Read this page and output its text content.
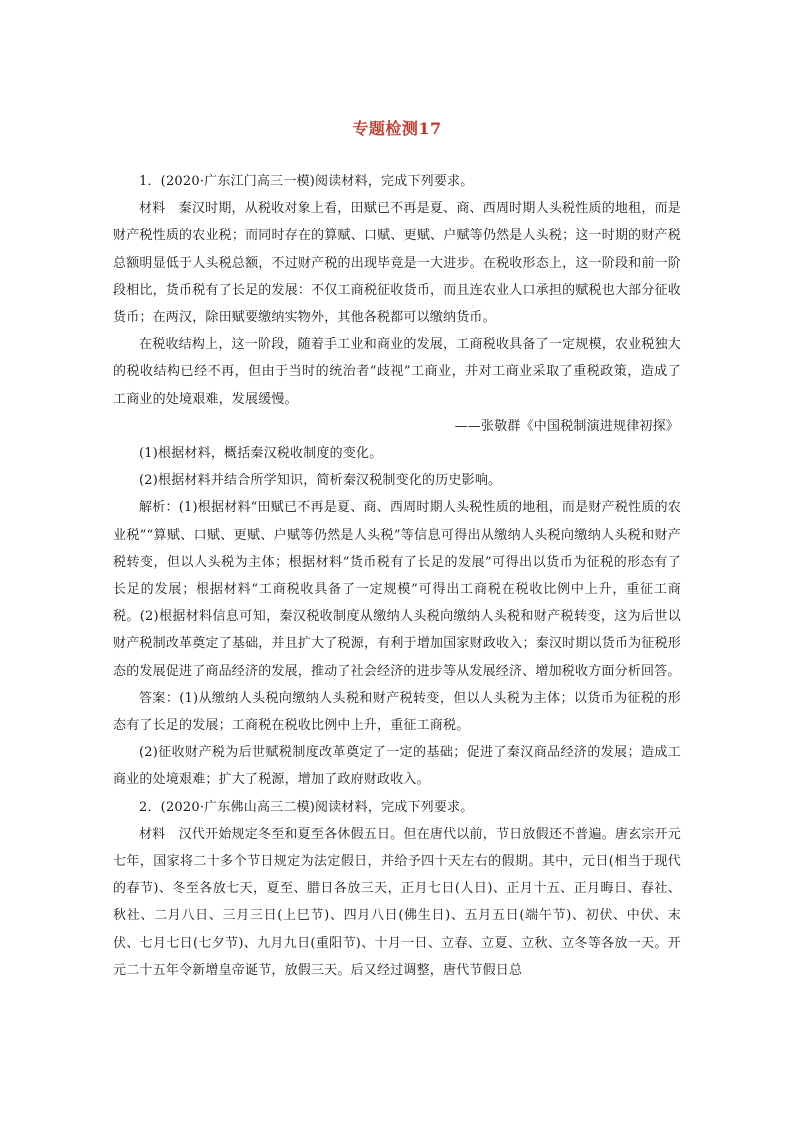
专题检测17

1．(2020·广东江门高三一模)阅读材料，完成下列要求。

材料　秦汉时期，从税收对象上看，田赋已不再是夏、商、西周时期人头税性质的地租，而是财产税性质的农业税；而同时存在的算赋、口赋、更赋、户赋等仍然是人头税；这一时期的财产税总额明显低于人头税总额，不过财产税的出现毕竟是一大进步。在税收形态上，这一阶段和前一阶段相比，货币税有了长足的发展：不仅工商税征收货币，而且连农业人口承担的赋税也大部分征收货币；在两汉，除田赋要缴纳实物外，其他各税都可以缴纳货币。

在税收结构上，这一阶段，随着手工业和商业的发展，工商税收具备了一定规模，农业税独大的税收结构已经不再，但由于当时的统治者“歧视”工商业，并对工商业采取了重税政策，造成了工商业的处境艰难，发展缓慢。

——张敬群《中国税制演进规律初探》

(1)根据材料，概括秦汉税收制度的变化。

(2)根据材料并结合所学知识，简析秦汉税制变化的历史影响。

解析：(1)根据材料“田赋已不再是夏、商、西周时期人头税性质的地租，而是财产税性质的农业税”“算赋、口赋、更赋、户赋等仍然是人头税”等信息可得出从缴纳人头税向缴纳人头税和财产税转变，但以人头税为主体；根据材料“货币税有了长足的发展”可得出以货币为征税的形态有了长足的发展；根据材料“工商税收具备了一定规模”可得出工商税在税收比例中上升，重征工商税。(2)根据材料信息可知，秦汉税收制度从缴纳人头税向缴纳人头税和财产税转变，这为后世以财产税制改革奠定了基础，并且扩大了税源，有利于增加国家财政收入；秦汉时期以货币为征税形态的发展促进了商品经济的发展，推动了社会经济的进步等从发展经济、增加税收方面分析回答。

答案：(1)从缴纳人头税向缴纳人头税和财产税转变，但以人头税为主体；以货币为征税的形态有了长足的发展；工商税在税收比例中上升，重征工商税。

(2)征收财产税为后世赋税制度改革奠定了一定的基础；促进了秦汉商品经济的发展；造成工商业的处境艰难；扩大了税源，增加了政府财政收入。

2．(2020·广东佛山高三二模)阅读材料，完成下列要求。

材料　汉代开始规定冬至和夏至各休假五日。但在唐代以前，节日放假还不普遍。唐玄宗开元七年，国家将二十多个节日规定为法定假日，并给予四十天左右的假期。其中，元日(相当于现代的春节)、冬至各放七天，夏至、腊日各放三天，正月七日(人日)、正月十五、正月晦日、春社、秋社、二月八日、三月三日(上巳节)、四月八日(佛生日)、五月五日(端午节)、初伏、中伏、末伏、七月七日(七夕节)、九月九日(重阳节)、十月一日、立春、立夏、立秋、立冬等各放一天。开元二十五年令新增皇帝诞节，放假三天。后又经过调整，唐代节假日总
